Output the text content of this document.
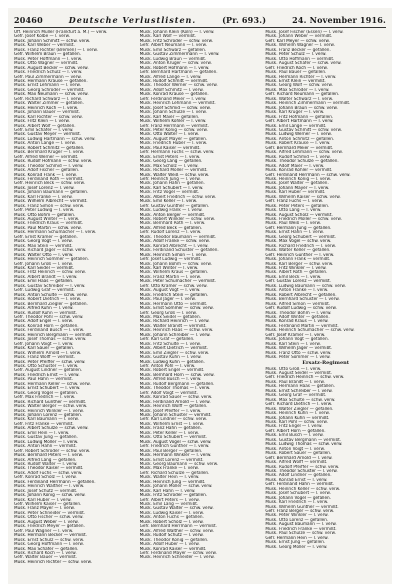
20460	Deutsche Verlustlisten.	(Pr. 693.)	24. November 1916.
Uff. Heinrich Müller (Frankfurt a. M.) — verw.
Gefr. Josef Kolbe — l. verw.
Musk. Johann Schmitt — schw. verw.
Musk. Karl Weber — vermißt.
Musk. Franz Richter (Bremen) — l. verw.
Gefr. Wilhelm Braun — gefallen.
Musk. Peter Hoffmann — l. verw.
Musk. Otto Wagner — vermißt.
Musk. August Becker — schw. verw.
Musk. Friedrich Schulz — l. verw.
Gefr. Paul Zimmermann — verw.
Musk. Hermann Krause — gefallen.
Musk. Ernst Lehmann — l. verw.
Musk. Georg Schröder — vermißt.
Musk. Max Neumann — schw. verw.
Gefr. Richard Schwarz — l. verw.
Musk. Walter Zimmer — gefallen.
Musk. Heinrich Koch — l. verw.
Musk. Johann Bauer — vermißt.
Musk. Karl Richter — schw. verw.
Musk. Fritz Klein — l. verw.
Musk. Albert Wolf — gefallen.
Gefr. Emil Schäfer — l. verw.
Musk. Gustav Meyer — vermißt.
Musk. Ludwig Hartmann — schw. verw.
Musk. Anton Lange — l. verw.
Musk. Robert Schmitz — gefallen.
Musk. Bernhard Krüger — l. verw.
Gefr. Alfred Werner — vermißt.
Musk. Rudolf Hofmann — schw. verw.
Musk. Theodor Schmid — l. verw.
Musk. Adolf Fischer — gefallen.
Musk. Konrad Frank — l. verw.
Musk. Ferdinand Roth — vermißt.
Gefr. Heinrich Beck — schw. verw.
Musk. Josef Lorenz — l. verw.
Musk. Johann Baumann — gefallen.
Musk. Karl Franke — l. verw.
Musk. Wilhelm Albrecht — vermißt.
Musk. Franz Simon — schw. verw.
Gefr. Peter Ludwig — l. verw.
Musk. Otto Böhm — gefallen.
Musk. August Winter — l. verw.
Musk. Friedrich Kraus — vermißt.
Musk. Paul Martin — schw. verw.
Musk. Hermann Schumacher — l. verw.
Gefr. Ernst Krämer — gefallen.
Musk. Georg Vogt — l. verw.
Musk. Max Stein — vermißt.
Musk. Richard Jäger — schw. verw.
Musk. Walter Otto — l. verw.
Musk. Heinrich Sommer — gefallen.
Gefr. Johann Groß — l. verw.
Musk. Karl Seidel — vermißt.
Musk. Fritz Heinrich — schw. verw.
Musk. Albert Brandt — l. verw.
Musk. Emil Haas — gefallen.
Musk. Gustav Schreiber — l. verw.
Gefr. Ludwig Graf — vermißt.
Musk. Anton Schulte — schw. verw.
Musk. Robert Dietrich — l. verw.
Musk. Bernhard Ziegler — gefallen.
Musk. Alfred Kuhn — l. verw.
Musk. Rudolf Kühn — vermißt.
Gefr. Theodor Pohl — schw. verw.
Musk. Adolf Engel — l. verw.
Musk. Konrad Horn — gefallen.
Musk. Ferdinand Busch — l. verw.
Musk. Heinrich Bergmann — vermißt.
Musk. Josef Thomas — schw. verw.
Gefr. Johann Voigt — l. verw.
Musk. Karl Sauer — gefallen.
Musk. Wilhelm Arnold — l. verw.
Musk. Franz Wolff — vermißt.
Musk. Peter Pfeiffer — schw. verw.
Musk. Otto Schuster — l. verw.
Gefr. August Lindner — gefallen.
Musk. Friedrich Ernst — l. verw.
Musk. Paul Hahn — vermißt.
Musk. Hermann Keller — schw. verw.
Musk. Ernst Schubert — l. verw.
Musk. Georg Vogel — gefallen.
Gefr. Max Friedrich — l. verw.
Musk. Richard Günther — vermißt.
Musk. Walter Berger — schw. verw.
Musk. Heinrich Winkler — l. verw.
Musk. Johann Lorenz — gefallen.
Musk. Karl Baumann — l. verw.
Gefr. Fritz Franke — vermißt.
Musk. Albert Schulze — schw. verw.
Musk. Emil Hein — l. verw.
Musk. Gustav Jung — gefallen.
Musk. Ludwig Möller — l. verw.
Musk. Anton Hahn — vermißt.
Gefr. Robert Schröder — schw. verw.
Musk. Bernhard Peters — l. verw.
Musk. Alfred Lang — gefallen.
Musk. Rudolf Walter — l. verw.
Musk. Theodor Kaiser — vermißt.
Musk. Adolf Fuchs — schw. verw.
Gefr. Konrad Scholz — l. verw.
Musk. Ferdinand Herrmann — gefallen.
Musk. Heinrich Walther — l. verw.
Musk. Josef Schütz — vermißt.
Musk. Johann König — schw. verw.
Musk. Karl Huber — l. verw.
Gefr. Wilhelm Kaiser — gefallen.
Musk. Franz Mayer — l. verw.
Musk. Peter Schneider — vermißt.
Musk. Otto Fischer — schw. verw.
Musk. August Weber — l. verw.
Musk. Friedrich Meyer — gefallen.
Gefr. Paul Wagner — l. verw.
Musk. Hermann Becker — vermißt.
Musk. Ernst Schulz — schw. verw.
Musk. Georg Hoffmann — l. verw.
Musk. Max Schäfer — gefallen.
Musk. Richard Koch — l. verw.
Gefr. Walter Bauer — vermißt.
Musk. Heinrich Richter — schw. verw.
Musk. Johann Klein (Köln) — l. verw.
Musk. Karl Wolf — vermißt.
Musk. Fritz Schröder — schw. verw.
Gefr. Albert Neumann — l. verw.
Musk. Emil Schwarz — gefallen.
Musk. Gustav Zimmermann — l. verw.
Musk. Ludwig Braun — vermißt.
Musk. Anton Krüger — schw. verw.
Musk. Robert Hofmann — l. verw.
Gefr. Bernhard Hartmann — gefallen.
Musk. Alfred Lange — l. verw.
Musk. Rudolf Schmitt — vermißt.
Musk. Theodor Werner — schw. verw.
Musk. Adolf Schmitz — l. verw.
Musk. Konrad Krause — gefallen.
Gefr. Ferdinand Meier — l. verw.
Musk. Heinrich Lehmann — vermißt.
Musk. Josef Schmid — schw. verw.
Musk. Johann Schulze — l. verw.
Musk. Karl Maier — gefallen.
Musk. Wilhelm Köhler — l. verw.
Gefr. Franz Herrmann — vermißt.
Musk. Peter König — schw. verw.
Musk. Otto Walter — l. verw.
Musk. August Mayer — gefallen.
Musk. Friedrich Huber — l. verw.
Musk. Paul Kaiser — vermißt.
Gefr. Hermann Fuchs — schw. verw.
Musk. Ernst Peters — l. verw.
Musk. Georg Lang — gefallen.
Musk. Max Scholz — l. verw.
Musk. Richard Möller — vermißt.
Musk. Walter Weiß — schw. verw.
Gefr. Heinrich Jung — l. verw.
Musk. Johann Hahn — gefallen.
Musk. Karl Schubert — l. verw.
Musk. Fritz Vogel — vermißt.
Musk. Albert Friedrich — schw. verw.
Musk. Emil Keller — l. verw.
Gefr. Gustav Günther — gefallen.
Musk. Ludwig Frank — l. verw.
Musk. Anton Berger — vermißt.
Musk. Robert Winkler — schw. verw.
Musk. Bernhard Roth — l. verw.
Musk. Alfred Beck — gefallen.
Gefr. Rudolf Lorenz — l. verw.
Musk. Theodor Baumann — vermißt.
Musk. Adolf Franke — schw. verw.
Musk. Konrad Albrecht — l. verw.
Musk. Ferdinand Schuster — gefallen.
Musk. Heinrich Simon — l. verw.
Gefr. Josef Ludwig — vermißt.
Musk. Johann Böhm — schw. verw.
Musk. Karl Winter — l. verw.
Musk. Wilhelm Kraus — gefallen.
Musk. Franz Martin — l. verw.
Musk. Peter Schumacher — vermißt.
Gefr. Otto Krämer — schw. verw.
Musk. August Vogt — l. verw.
Musk. Friedrich Stein — gefallen.
Musk. Paul Jäger — l. verw.
Musk. Hermann Otto — vermißt.
Musk. Ernst Sommer — schw. verw.
Gefr. Georg Groß — l. verw.
Musk. Max Seidel — gefallen.
Musk. Richard Heinrich — l. verw.
Musk. Walter Brandt — vermißt.
Musk. Heinrich Haas — schw. verw.
Musk. Johann Schreiber — l. verw.
Gefr. Karl Graf — gefallen.
Musk. Fritz Schulte — l. verw.
Musk. Albert Dietrich — vermißt.
Musk. Emil Ziegler — schw. verw.
Musk. Gustav Kuhn — l. verw.
Musk. Ludwig Kühn — gefallen.
Gefr. Anton Pohl — l. verw.
Musk. Robert Engel — vermißt.
Musk. Bernhard Horn — schw. verw.
Musk. Alfred Busch — l. verw.
Musk. Rudolf Bergmann — gefallen.
Musk. Theodor Thomas — l. verw.
Gefr. Adolf Voigt — vermißt.
Musk. Konrad Sauer — schw. verw.
Musk. Ferdinand Arnold — l. verw.
Musk. Heinrich Wolff — gefallen.
Musk. Josef Pfeiffer — l. verw.
Musk. Johann Schuster — vermißt.
Gefr. Karl Lindner — schw. verw.
Musk. Wilhelm Ernst — l. verw.
Musk. Franz Hahn — gefallen.
Musk. Peter Keller — l. verw.
Musk. Otto Schubert — vermißt.
Musk. August Vogel — schw. verw.
Gefr. Friedrich Günther — l. verw.
Musk. Paul Berger — gefallen.
Musk. Hermann Winkler — l. verw.
Musk. Ernst Lorenz — vermißt.
Musk. Georg Baumann — schw. verw.
Musk. Max Franke — l. verw.
Gefr. Richard Schulze — gefallen.
Musk. Walter Hein — l. verw.
Musk. Heinrich Jung — vermißt.
Musk. Johann Möller — schw. verw.
Musk. Karl Hahn — l. verw.
Musk. Fritz Schröder — gefallen.
Gefr. Albert Peters — l. verw.
Musk. Emil Lang — vermißt.
Musk. Gustav Walter — schw. verw.
Musk. Ludwig Kaiser — l. verw.
Musk. Anton Fuchs — gefallen.
Musk. Robert Scholz — l. verw.
Gefr. Bernhard Herrmann — vermißt.
Musk. Alfred Walther — schw. verw.
Musk. Rudolf Schütz — l. verw.
Musk. Theodor König — gefallen.
Musk. Adolf Huber — l. verw.
Musk. Konrad Kaiser — vermißt.
Gefr. Ferdinand Mayer — schw. verw.
Musk. Heinrich Schneider — l. verw.
Musk. Josef Fischer (Essen) — l. verw.
Musk. Johann Weber — vermißt.
Gefr. Karl Meyer — schw. verw.
Musk. Wilhelm Wagner — l. verw.
Musk. Franz Becker — gefallen.
Musk. Peter Schulz — l. verw.
Musk. Otto Hoffmann — vermißt.
Musk. August Schäfer — schw. verw.
Gefr. Friedrich Koch — l. verw.
Musk. Paul Bauer — gefallen.
Musk. Hermann Richter — l. verw.
Musk. Ernst Klein — vermißt.
Musk. Georg Wolf — schw. verw.
Musk. Max Schröder — l. verw.
Gefr. Richard Neumann — gefallen.
Musk. Walter Schwarz — l. verw.
Musk. Heinrich Zimmermann — vermißt.
Musk. Johann Braun — schw. verw.
Musk. Karl Krüger — l. verw.
Musk. Fritz Hofmann — gefallen.
Gefr. Albert Hartmann — l. verw.
Musk. Emil Lange — vermißt.
Musk. Gustav Schmitt — schw. verw.
Musk. Ludwig Werner — l. verw.
Musk. Anton Schmitz — gefallen.
Musk. Robert Krause — l. verw.
Gefr. Bernhard Meier — vermißt.
Musk. Alfred Lehmann — schw. verw.
Musk. Rudolf Schmid — l. verw.
Musk. Theodor Schulze — gefallen.
Musk. Adolf Maier — l. verw.
Musk. Konrad Köhler — vermißt.
Gefr. Ferdinand Herrmann — schw. verw.
Musk. Heinrich König — l. verw.
Musk. Josef Walter — gefallen.
Musk. Johann Mayer — l. verw.
Musk. Karl Huber — vermißt.
Musk. Wilhelm Kaiser — schw. verw.
Gefr. Franz Fuchs — l. verw.
Musk. Peter Peters — gefallen.
Musk. Otto Lang — l. verw.
Musk. August Scholz — vermißt.
Musk. Friedrich Möller — schw. verw.
Musk. Paul Weiß — l. verw.
Gefr. Hermann Jung — gefallen.
Musk. Ernst Hahn — l. verw.
Musk. Georg Schubert — vermißt.
Musk. Max Vogel — schw. verw.
Musk. Richard Friedrich — l. verw.
Musk. Walter Keller — gefallen.
Gefr. Heinrich Günther — l. verw.
Musk. Johann Frank — vermißt.
Musk. Karl Berger — schw. verw.
Musk. Fritz Winkler — l. verw.
Musk. Albert Roth — gefallen.
Musk. Emil Beck — l. verw.
Gefr. Gustav Lorenz — vermißt.
Musk. Ludwig Baumann — schw. verw.
Musk. Anton Franke — l. verw.
Musk. Robert Albrecht — gefallen.
Musk. Bernhard Schuster — l. verw.
Musk. Alfred Simon — vermißt.
Gefr. Rudolf Ludwig — schw. verw.
Musk. Theodor Böhm — l. verw.
Musk. Adolf Winter — gefallen.
Musk. Konrad Kraus — l. verw.
Musk. Ferdinand Martin — vermißt.
Musk. Heinrich Schumacher — schw. verw.
Gefr. Josef Krämer — l. verw.
Musk. Johann Vogt — gefallen.
Musk. Karl Stein — l. verw.
Musk. Wilhelm Jäger — vermißt.
Musk. Franz Otto — schw. verw.
Musk. Peter Sommer — l. verw.
Ersatz-Regiment
Musk. Otto Groß — l. verw.
Musk. August Seidel — vermißt.
Gefr. Friedrich Heinrich — schw. verw.
Musk. Paul Brandt — l. verw.
Musk. Hermann Haas — gefallen.
Musk. Ernst Schreiber — l. verw.
Musk. Georg Graf — vermißt.
Musk. Max Schulte — schw. verw.
Gefr. Richard Dietrich — l. verw.
Musk. Walter Ziegler — gefallen.
Musk. Heinrich Kuhn — l. verw.
Musk. Johann Kühn — vermißt.
Musk. Karl Pohl — schw. verw.
Musk. Fritz Engel — l. verw.
Gefr. Albert Horn — gefallen.
Musk. Emil Busch — l. verw.
Musk. Gustav Bergmann — vermißt.
Musk. Ludwig Thomas — schw. verw.
Musk. Anton Voigt — l. verw.
Musk. Robert Sauer — gefallen.
Gefr. Bernhard Arnold — l. verw.
Musk. Alfred Wolff — vermißt.
Musk. Rudolf Pfeiffer — schw. verw.
Musk. Theodor Schuster — l. verw.
Musk. Adolf Lindner — gefallen.
Musk. Konrad Ernst — l. verw.
Gefr. Ferdinand Hahn — vermißt.
Musk. Heinrich Keller — schw. verw.
Musk. Josef Schubert — l. verw.
Musk. Johann Vogel — gefallen.
Musk. Karl Friedrich — l. verw.
Musk. Wilhelm Günther — vermißt.
Gefr. Franz Berger — schw. verw.
Musk. Peter Winkler — l. verw.
Musk. Otto Lorenz — gefallen.
Musk. August Baumann — l. verw.
Musk. Friedrich Franke — vermißt.
Musk. Paul Schulze — schw. verw.
Gefr. Hermann Hein — l. verw.
Musk. Ernst Jung — gefallen.
Musk. Georg Möller — l. verw.
